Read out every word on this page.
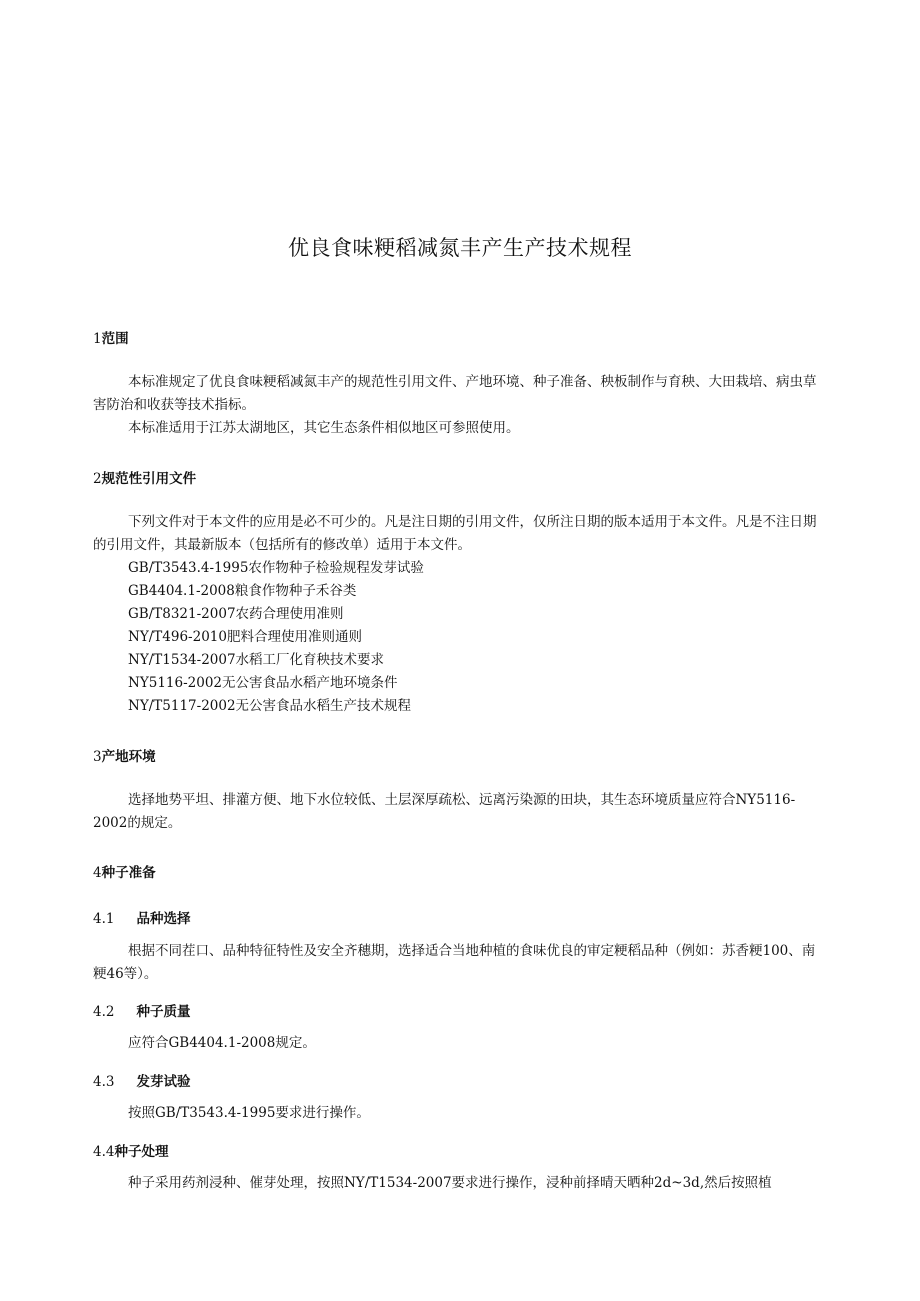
优良食味粳稻减氮丰产生产技术规程
1范围

本标准规定了优良食味粳稻减氮丰产的规范性引用文件、产地环境、种子准备、秧板制作与育秧、大田栽培、病虫草害防治和收获等技术指标。

本标准适用于江苏太湖地区，其它生态条件相似地区可参照使用。

2规范性引用文件

下列文件对于本文件的应用是必不可少的。凡是注日期的引用文件，仅所注日期的版本适用于本文件。凡是不注日期的引用文件，其最新版本（包括所有的修改单）适用于本文件。

GB/T3543.4-1995农作物种子检验规程发芽试验

GB4404.1-2008粮食作物种子禾谷类

GB/T8321-2007农药合理使用准则

NY/T496-2010肥料合理使用准则通则

NY/T1534-2007水稻工厂化育秧技术要求

NY5116-2002无公害食品水稻产地环境条件

NY/T5117-2002无公害食品水稻生产技术规程

3产地环境

选择地势平坦、排灌方便、地下水位较低、土层深厚疏松、远离污染源的田块，其生态环境质量应符合NY5116-2002的规定。

4种子准备
4.1 品种选择

根据不同茬口、品种特征特性及安全齐穗期，选择适合当地种植的食味优良的审定粳稻品种（例如：苏香粳100、南粳46等）。

4.2 种子质量

应符合GB4404.1-2008规定。

4.3 发芽试验

按照GB/T3543.4-1995要求进行操作。

4.4种子处理

种子采用药剂浸种、催芽处理，按照NY/T1534-2007要求进行操作，浸种前择晴天晒种2d~3d,然后按照植
